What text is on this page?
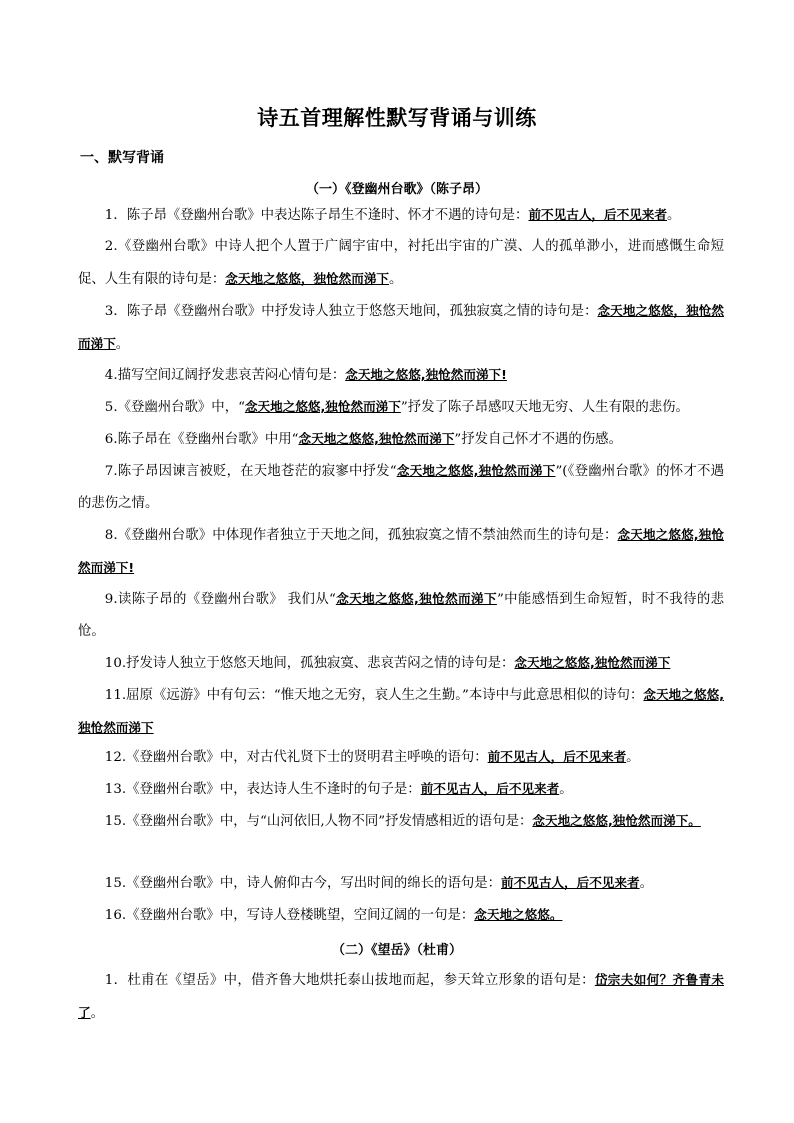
诗五首理解性默写背诵与训练
一、默写背诵
（一）《登幽州台歌》（陈子昂）
1．陈子昂《登幽州台歌》中表达陈子昂生不逢时、怀才不遇的诗句是：前不见古人，后不见来者。
2.《登幽州台歌》中诗人把个人置于广阔宇宙中，衬托出宇宙的广漠、人的孤单渺小，进而感慨生命短促、人生有限的诗句是：念天地之悠悠，独怆然而涕下。
3．陈子昂《登幽州台歌》中抒发诗人独立于悠悠天地间，孤独寂寞之情的诗句是：念天地之悠悠，独怆然而涕下。
4.描写空间辽阔抒发悲哀苦闷心情句是：念天地之悠悠,独怆然而涕下!
5.《登幽州台歌》中，“念天地之悠悠,独怆然而涕下”抒发了陈子昂感叹天地无穷、人生有限的悲伤。
6.陈子昂在《登幽州台歌》中用“念天地之悠悠,独怆然而涕下”抒发自己怀才不遇的伤感。
7.陈子昂因谏言被贬，在天地苍茫的寂寥中抒发“念天地之悠悠,独怆然而涕下”(《登幽州台歌》的怀才不遇的悲伤之情。
8.《登幽州台歌》中体现作者独立于天地之间，孤独寂寞之情不禁油然而生的诗句是：念天地之悠悠,独怆然而涕下!
9.读陈子昂的《登幽州台歌》 我们从“念天地之悠悠,独怆然而涕下”中能感悟到生命短暂，时不我待的悲怆。
10.抒发诗人独立于悠悠天地间，孤独寂寞、悲哀苦闷之情的诗句是：念天地之悠悠,独怆然而涕下
11.屈原《远游》中有句云：“惟天地之无穷，哀人生之生勤。”本诗中与此意思相似的诗句：念天地之悠悠,独怆然而涕下
12.《登幽州台歌》中，对古代礼贤下士的贤明君主呼唤的语句：前不见古人，后不见来者。
13.《登幽州台歌》中，表达诗人生不逢时的句子是：前不见古人，后不见来者。
15.《登幽州台歌》中，与“山河依旧,人物不同”抒发情感相近的语句是：念天地之悠悠,独怆然而涕下。
15.《登幽州台歌》中，诗人俯仰古今，写出时间的绵长的语句是：前不见古人，后不见来者。
16.《登幽州台歌》中，写诗人登楼眺望，空间辽阔的一句是：念天地之悠悠。
（二）《望岳》（杜甫）
1．杜甫在《望岳》中，借齐鲁大地烘托泰山拔地而起，参天耸立形象的语句是：岱宗夫如何？齐鲁青未了。
